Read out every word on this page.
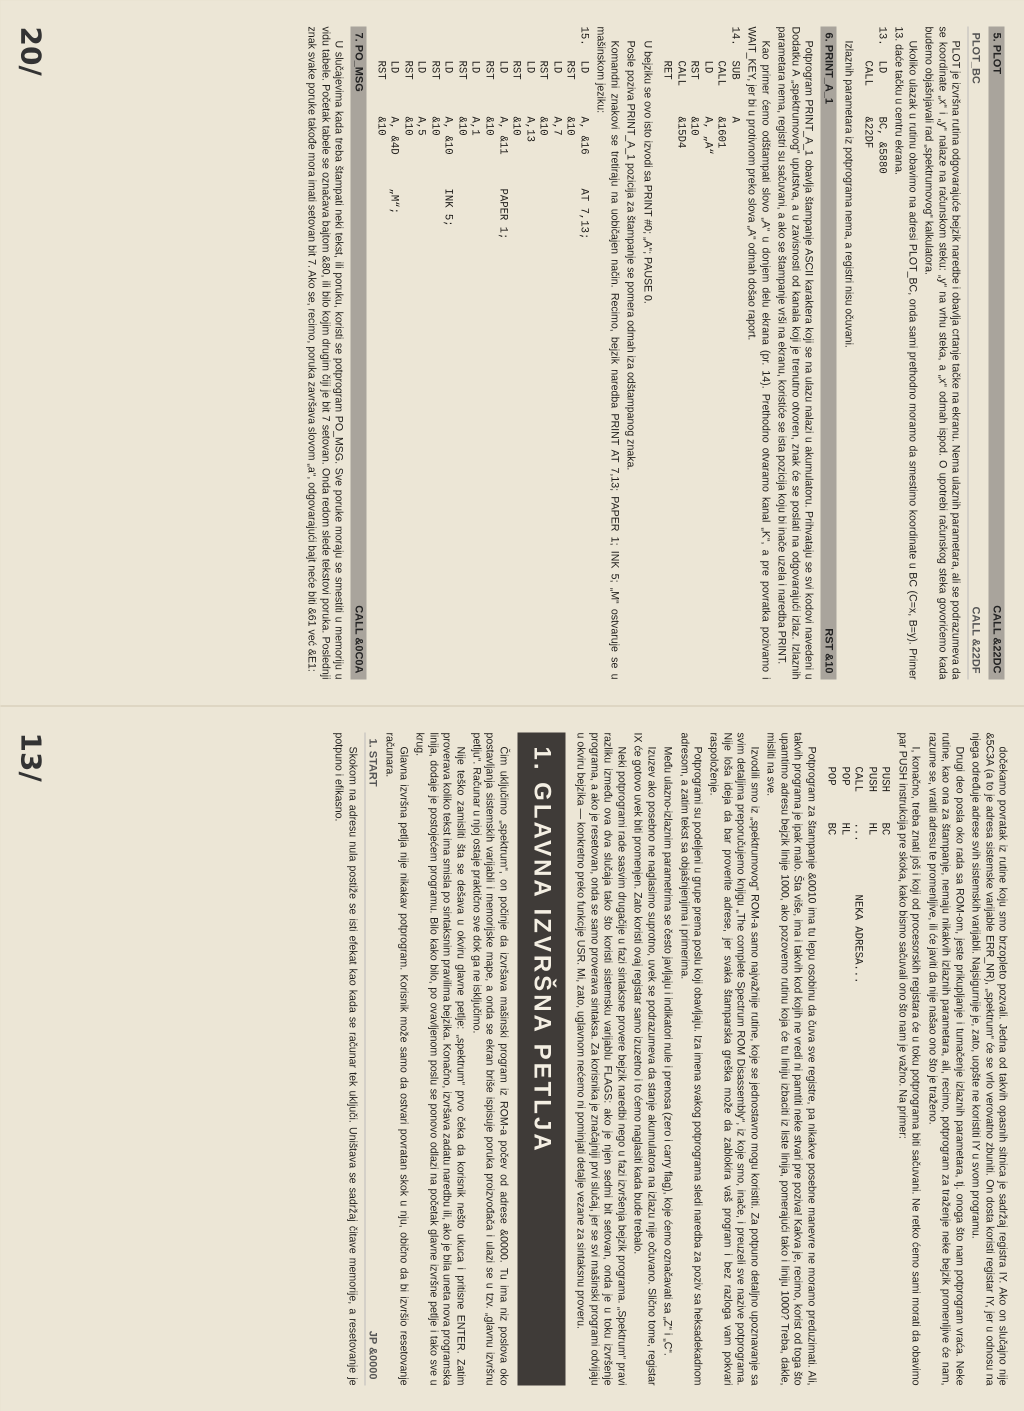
5. PLOT
CALL &22DC
PLOT_BC
CALL &22DF

PLOT je izvršna rutina odgovarajuće bejzik naredbe i obavlja crtanje tačke na ekranu. Nema ulaznih parametara, ali se podrazumeva da se koordinate „x“ i „y“ nalaze na računskom steku: „y“ na vrhu steka, a „x“ odmah ispod. O upotrebi računskog steka govorićemo kada budemo objašnjavali rad „spektrumovog“ kalkulatora.

Ukoliko ulazak u rutinu obavimo na adresi PLOT_BC, onda sami prethodno moramo da smestimo koordinate u BC (C=x, B=y). Primer 13. daće tačku u centru ekrana.

13.
LD
BC, &5880
CALL
&22DF

Izlaznih parametara iz potprograma nema, a registri nisu očuvani.

6. PRINT_A_1
RST &10

Potprogram PRINT_A_1 obavlja štampanje ASCII karaktera koji se na ulazu nalazi u akumulatoru. Prihvataju se svi kodovi navedeni u Dodatku A „spektrumovog“ uputstva, a u zavisnosti od kanala koji je trenutno otvoren, znak će se poslati na odgovarajući izlaz. Izlaznih parametara nema, registri su sačuvani, a ako se štampanje vrši na ekranu, koristiće se ista pozicija koju bi inače uzela i naredba PRINT.

Kao primer ćemo odštampati slovo „A“ u donjem delu ekrana (pr. 14). Prethodno otvaramo kanal „K“, a pre povratka pozivamo i WAIT_KEY, jer bi u protivnom preko slova „A“ odmah došao raport.

14.
SUB
A
CALL
&1601
LD
A, „A“
RST
&10
CALL
&15D4
RET

U bejziku se ovo isto izvodi sa PRINT #0; „A“; PAUSE 0.

Posle poziva PRINT_A_1 pozicija za štampanje se pomera odmah iza odštampanog znaka.

Komandni znakovi se tretiraju na uobičajen način. Recimo, bejzik naredba PRINT AT 7,13; PAPER 1; INK 5; „M“ ostvaruje se u mašinskom jeziku:

15.
LD
A, &16
AT 7,13;
RST
&10
LD
A,7
RST
&10
LD
A,13
RST
&10
LD
A, &11
PAPER 1;
RST
&10
LD
A,1
RST
&10
LD
A, &10
INK 5;
RST
&10
LD
A,5
RST
&10
LD
A, &4D
„M“;
RST
&10
7. PO_MSG
CALL &0C0A

U slučajevima kada treba štampati neki tekst, ili poruku, koristi se potprogram PO_MSG. Sve poruke moraju se smestiti u memoriju u vidu tabele. Početak tabele se označava bajtom &80, ili bilo kojim drugim čiji je bit 7 setovan. Onda redom slede tekstovi poruka. Poslednji znak svake poruke takođe mora imati setovan bit 7. Ako se, recimo, poruka završava slovom „a“, odgovarajući bajt neće biti &61 već &E1:

20/

dočekamo povratak iz rutine koju smo brzopleto pozvali. Jedna od takvih opasnih sitnica je sadržaj registra IY. Ako on slučajno nije &5C3A (a to je adresa sistemske varijable ERR_NR), „spektrum“ će se vrlo verovatno zbuniti. On dosta koristi registar IY, jer u odnosu na njega određuje adrese svih sistemskih varijabli. Najsigurnije je, zato, uopšte ne koristiti IY u svom programu.

Drugi deo posla oko rada sa ROM-om, jeste prikupljanje i tumačenje izlaznih parametara, tj. onoga što nam potprogram vraća. Neke rutine, kao ona za štampanje, nemaju nikakvih izlaznih parametara, ali, recimo, potprogram za traženje neke bejzik promenljive će nam, razume se, vratiti adresu te promenljive, ili će javiti da nije našao ono što je traženo.

I, konačno, treba znati još i koji od procesorskih registara će u toku potprograma biti sačuvani. Ne retko ćemo sami morati da obavimo par PUSH instrukcija pre skoka, kako bismo sačuvali ono što nam je važno. Na primer:

PUSH
BC
PUSH
HL
CALL
...
NEKA ADRESA...
POP
HL
POP
BC

Potprogram za štampanje &0010 ima tu lepu osobinu da čuva sve registre, pa nikakve posebne manevre ne moramo preduzimati. Ali, takvih programa je ipak malo. Šta više, ima i takvih kod kojih ne vredi ni pamtiti neke stvari pre poziva! Kakva je, recimo, korist od toga što upamtimo adresu bejzik linije 1000, ako pozovemo rutinu koja će tu liniju izbaciti iz liste linija, pomerajući tako i liniju 1000? Treba, dakle, misliti na sve.

Izvodili smo iz „spektrumovog“ ROM-a samo najvažnije rutine, koje se jednostavno mogu koristiti. Za potpuno detaljno upoznavanje sa svim detaljima preporučujemo knjigu „The complete Spectrum ROM Disassembly“, iz koje smo, inače, i preuzeli sve nazive potprograma. Nije loša ideja da bar proverite adrese, jer svaka štamparska greška može da zablokira vaš program i bez razloga vam pokvari raspoloženje.

Potprogrami su podeljeni u grupe prema poslu koji obavljaju. Iza imena svakog potprograma sledi naredba za poziv sa heksadekadnom adresom, a zatim tekst sa objašnjenjima i primerima.

Među ulazno-izlaznim parametrima se često javljaju i indikatori nule i prenosa (zero i carry flag), koje ćemo označavati sa „Z“ i „C“.

Izuzev ako posebno ne naglasimo suprotno, uvek se podrazumeva da stanje akumulatora na izlazu nije očuvano. Slično tome, registar IX će gotovo uvek biti promenjen. Zato koristi ovaj registar samo izuzetno i to ćemo naglasiti kada bude trebalo.

Neki potprogrami rade sasvim drugačije u fazi sintaksne provere bejzik naredbi nego u fazi izvršenja bejzik programa. „Spektrum“ pravi razliku između ova dva slučaja tako što koristi sistemsku varijablu FLAGS: ako je njen sedmi bit setovan, onda je u toku izvršenje programa, a ako je resetovan, onda se samo proverava sintaksa. Za korisnika je značajniji prvi slučaj, jer se svi mašinski programi odvijaju u okviru bejzika — konkretno preko funkcije USR. Mi, zato, uglavnom nećemo ni pominjati detalje vezane za sintaksnu proveru.

1. GLAVNA IZVRŠNA PETLJA

Čim uključimo „spektrum“, on počinje da izvršava mašinski program iz ROM-a počev od adrese &0000. Tu ima niz poslova oko postavljanja sistemskih varijabli i memorijske mape, a onda se ekran briše ispisuje poruka proizvođača i ulazi se u tzv. „glavnu izvršnu petlju“. Računar u njoj ostaje praktično sve dok ga ne isključimo.

Nije teško zamisliti šta se dešava u okviru glavne petlje: „spektrum“ prvo čeka da korisnik nešto ukuca i pritisne ENTER. Zatim proverava koliko tekst ima smisla po sintaksnim pravilima bejzika. Konačno, izvršava zadatu naredbu ili, ako je bila uneta nova programska linija, dodaje je postojećem programu. Bilo kako bilo, po ovavljenom poslu se ponovo odlazi na početak glavne izvršne petlje i tako sve u krug.

Glavna izvršna petlja nije nikakav potprogram. Korisnik može samo da ostvari povratan skok u nju, obično da bi izvršio resetovanje računara.

1. START
JP &0000

Skokom na adresu nula postiže se isti efekat kao kada se računar tek uključi. Uništava se sadržaj čitave memorije, a resetovanje je potpuno i efikasno.

13/
